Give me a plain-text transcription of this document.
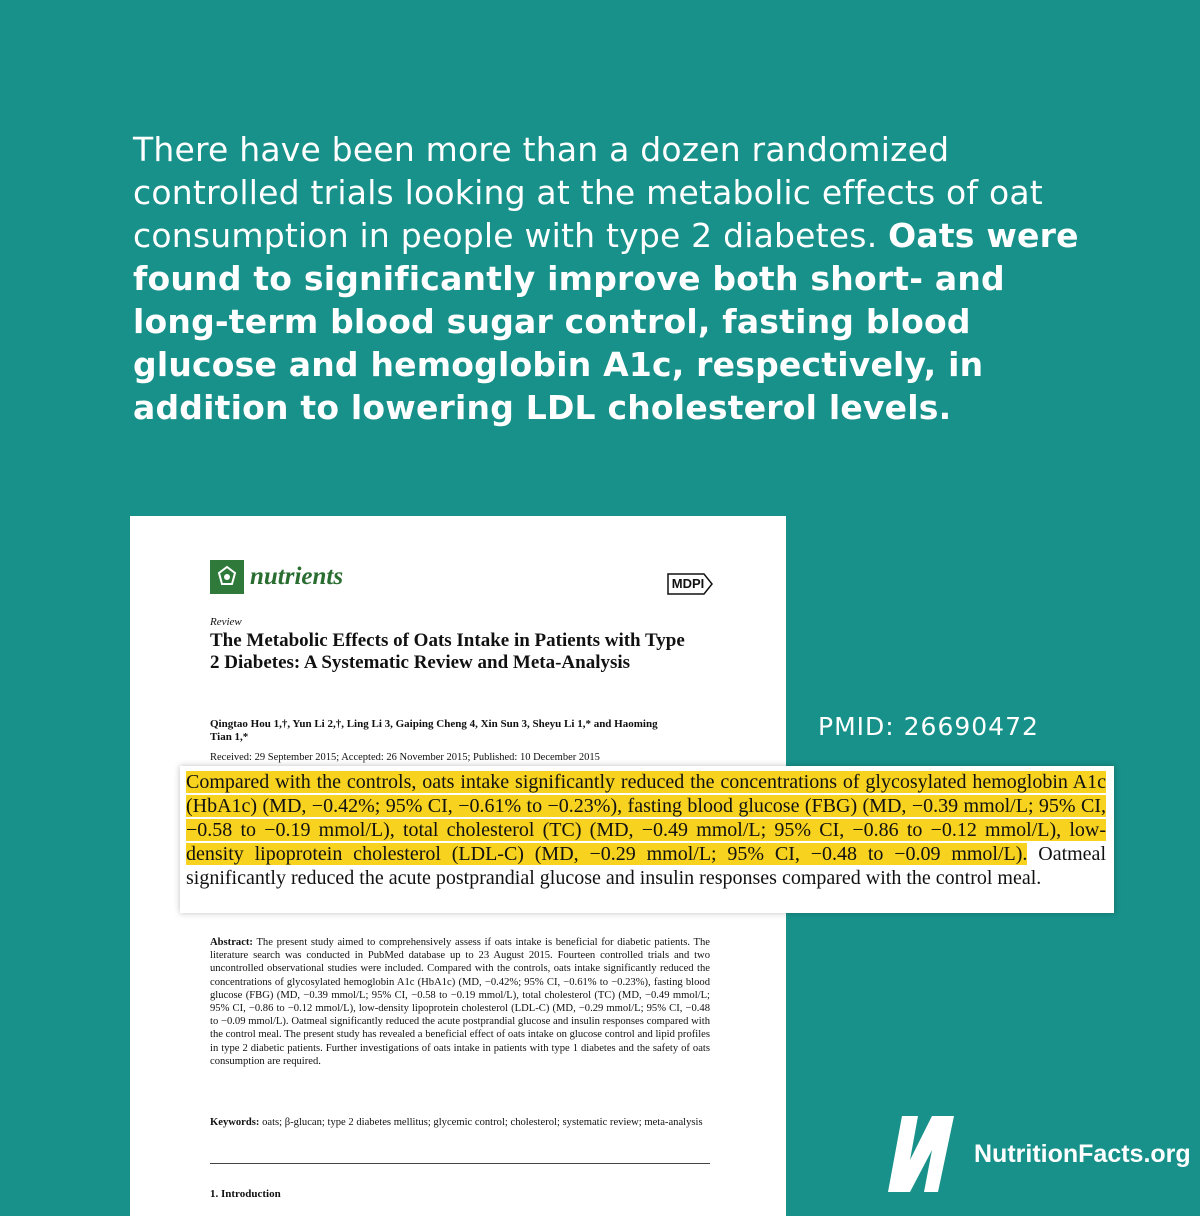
There have been more than a dozen randomized controlled trials looking at the metabolic effects of oat consumption in people with type 2 diabetes. Oats were found to significantly improve both short- and long-term blood sugar control, fasting blood glucose and hemoglobin A1c, respectively, in addition to lowering LDL cholesterol levels.
nutrients	MDPI
Review
The Metabolic Effects of Oats Intake in Patients with Type 2 Diabetes: A Systematic Review and Meta-Analysis
Qingtao Hou 1,†, Yun Li 2,†, Ling Li 3, Gaiping Cheng 4, Xin Sun 3, Sheyu Li 1,* and Haoming Tian 1,*
Received: 29 September 2015; Accepted: 26 November 2015; Published: 10 December 2015
Abstract: The present study aimed to comprehensively assess if oats intake is beneficial for diabetic patients. The literature search was conducted in PubMed database up to 23 August 2015. Fourteen controlled trials and two uncontrolled observational studies were included. Compared with the controls, oats intake significantly reduced the concentrations of glycosylated hemoglobin A1c (HbA1c) (MD, −0.42%; 95% CI, −0.61% to −0.23%), fasting blood glucose (FBG) (MD, −0.39 mmol/L; 95% CI, −0.58 to −0.19 mmol/L), total cholesterol (TC) (MD, −0.49 mmol/L; 95% CI, −0.86 to −0.12 mmol/L), low-density lipoprotein cholesterol (LDL-C) (MD, −0.29 mmol/L; 95% CI, −0.48 to −0.09 mmol/L). Oatmeal significantly reduced the acute postprandial glucose and insulin responses compared with the control meal. The present study has revealed a beneficial effect of oats intake on glucose control and lipid profiles in type 2 diabetic patients. Further investigations of oats intake in patients with type 1 diabetes and the safety of oats consumption are required.
Keywords: oats; β-glucan; type 2 diabetes mellitus; glycemic control; cholesterol; systematic review; meta-analysis
1. Introduction
Compared with the controls, oats intake significantly reduced the concentrations of glycosylated hemoglobin A1c (HbA1c) (MD, −0.42%; 95% CI, −0.61% to −0.23%), fasting blood glucose (FBG) (MD, −0.39 mmol/L; 95% CI, −0.58 to −0.19 mmol/L), total cholesterol (TC) (MD, −0.49 mmol/L; 95% CI, −0.86 to −0.12 mmol/L), low-density lipoprotein cholesterol (LDL-C) (MD, −0.29 mmol/L; 95% CI, −0.48 to −0.09 mmol/L). Oatmeal significantly reduced the acute postprandial glucose and insulin responses compared with the control meal.
PMID: 26690472
NutritionFacts.org
